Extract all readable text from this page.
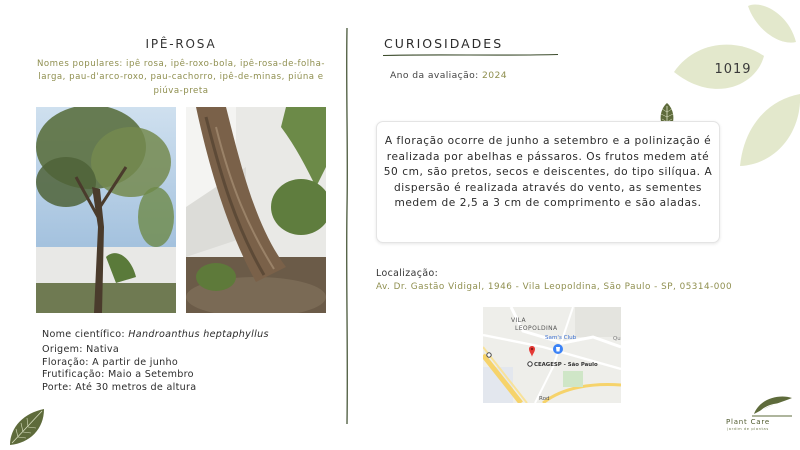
IPÊ-ROSA
Nomes populares: ipê rosa, ipê-roxo-bola, ipê-rosa-de-folha-larga, pau-d'arco-roxo, pau-cachorro, ipê-de-minas, piúna e piúva-preta
Nome científico: Handroanthus heptaphyllus
Origem: Nativa
Floração: A partir de junho
Frutificação: Maio a Setembro
Porte: Até 30 metros de altura
CURIOSIDADES
Ano da avaliação: 2024	1019
A floração ocorre de junho a setembro e a polinização é realizada por abelhas e pássaros. Os frutos medem até 50 cm, são pretos, secos e deiscentes, do tipo silíqua. A dispersão é realizada através do vento, as sementes medem de 2,5 a 3 cm de comprimento e são aladas.
Localização:
Av. Dr. Gastão Vidigal, 1946 - Vila Leopoldina, São Paulo - SP, 05314-000
VILA
LEOPOLDINA
Sam's Club
CEAGESP - São Paulo
Rod
Qu
Plant Care
jardim de plantas
